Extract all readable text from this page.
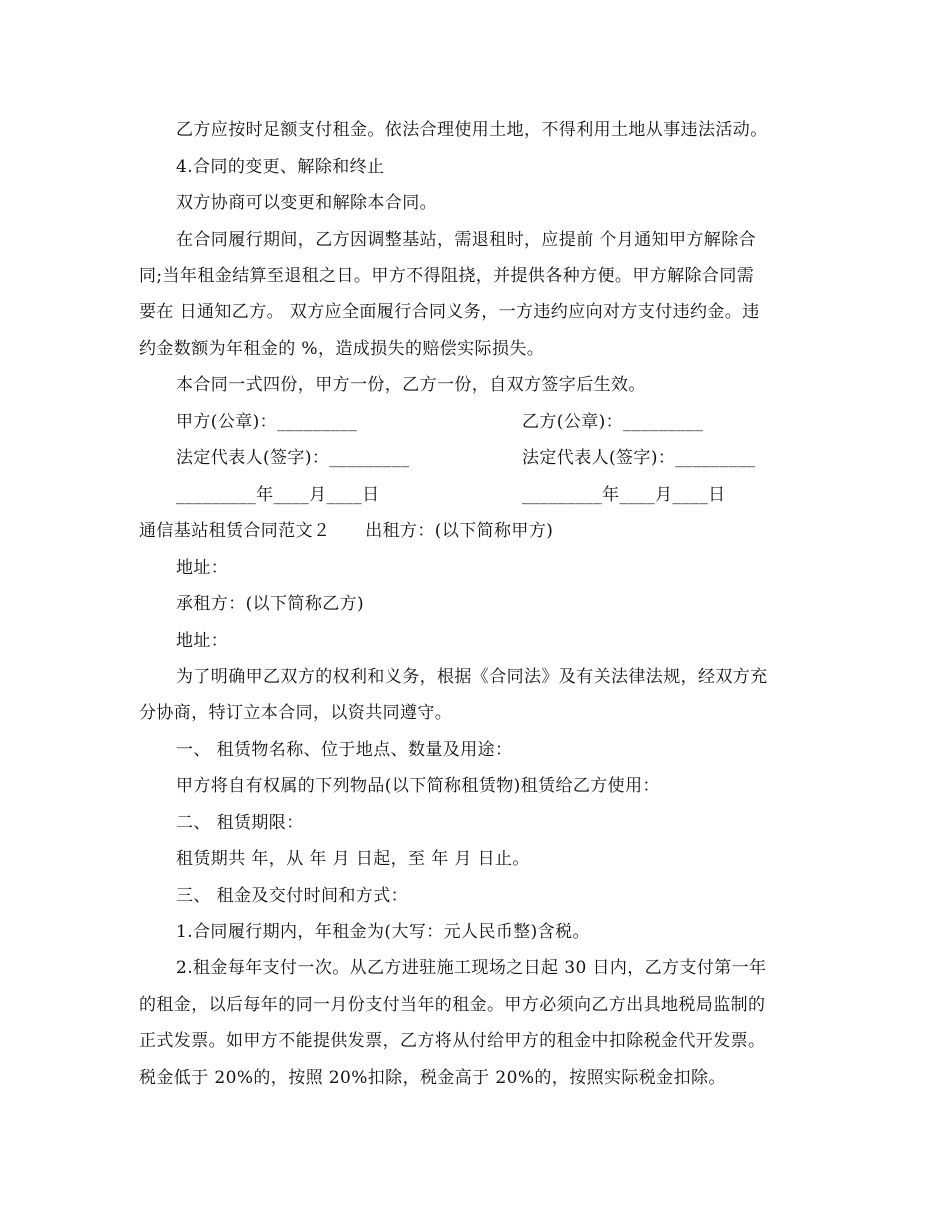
乙方应按时足额支付租金。依法合理使用土地，不得利用土地从事违法活动。
4.合同的变更、解除和终止
双方协商可以变更和解除本合同。
在合同履行期间，乙方因调整基站，需退租时，应提前 个月通知甲方解除合
同;当年租金结算至退租之日。甲方不得阻挠，并提供各种方便。甲方解除合同需
要在 日通知乙方。 双方应全面履行合同义务，一方违约应向对方支付违约金。违
约金数额为年租金的 %，造成损失的赔偿实际损失。
本合同一式四份，甲方一份，乙方一份，自双方签字后生效。
甲方(公章)：_________	乙方(公章)：_________
法定代表人(签字)：_________	法定代表人(签字)：_________
_________年____月____日	_________年____月____日
通信基站租赁合同范文２　　出租方：(以下简称甲方)
地址：
承租方：(以下简称乙方)
地址：
为了明确甲乙双方的权利和义务，根据《合同法》及有关法律法规，经双方充
分协商，特订立本合同，以资共同遵守。
一、 租赁物名称、位于地点、数量及用途：
甲方将自有权属的下列物品(以下简称租赁物)租赁给乙方使用：
二、 租赁期限：
租赁期共 年，从 年 月 日起，至 年 月 日止。
三、 租金及交付时间和方式：
1.合同履行期内，年租金为(大写：元人民币整)含税。
2.租金每年支付一次。从乙方进驻施工现场之日起 30 日内，乙方支付第一年
的租金，以后每年的同一月份支付当年的租金。甲方必须向乙方出具地税局监制的
正式发票。如甲方不能提供发票，乙方将从付给甲方的租金中扣除税金代开发票。
税金低于 20%的，按照 20%扣除，税金高于 20%的，按照实际税金扣除。
